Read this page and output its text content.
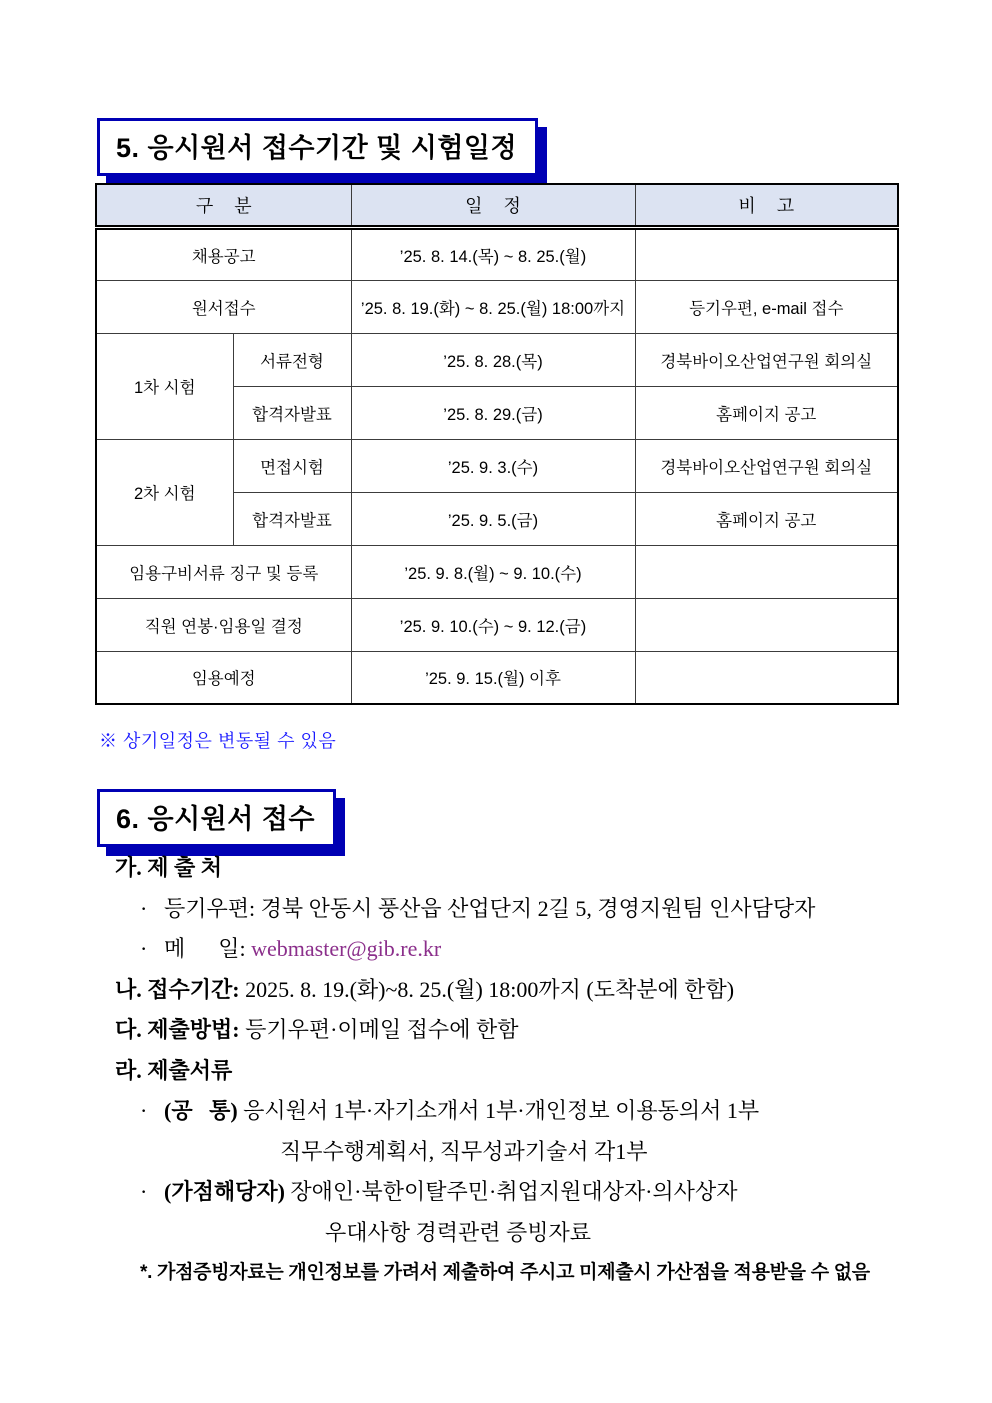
5. 응시원서 접수기간 및 시험일정
구 분		일 정	비 고
채용공고		’25. 8. 14.(목) ~ 8. 25.(월)	
원서접수		’25. 8. 19.(화) ~ 8. 25.(월) 18:00까지	등기우편, e-mail 접수
1차 시험	서류전형	’25. 8. 28.(목)	경북바이오산업연구원 회의실
	합격자발표	’25. 8. 29.(금)	홈페이지 공고
2차 시험	면접시험	’25. 9. 3.(수)	경북바이오산업연구원 회의실
	합격자발표	’25. 9. 5.(금)	홈페이지 공고
임용구비서류 징구 및 등록		’25. 9. 8.(월) ~ 9. 10.(수)	
직원 연봉·임용일 결정		’25. 9. 10.(수) ~ 9. 12.(금)	
임용예정		’25. 9. 15.(월) 이후	
※ 상기일정은 변동될 수 있음
6. 응시원서 접수
가. 제 출 처
· 등기우편: 경북 안동시 풍산읍 산업단지 2길 5, 경영지원팀 인사담당자
· 메      일: webmaster@gib.re.kr
나. 접수기간: 2025. 8. 19.(화)~8. 25.(월) 18:00까지 (도착분에 한함)
다. 제출방법: 등기우편·이메일 접수에 한함
라. 제출서류
· (공   통) 응시원서 1부·자기소개서 1부·개인정보 이용동의서 1부
직무수행계획서, 직무성과기술서 각1부
· (가점해당자) 장애인·북한이탈주민·취업지원대상자·의사상자
우대사항 경력관련 증빙자료
*. 가점증빙자료는 개인정보를 가려서 제출하여 주시고 미제출시 가산점을 적용받을 수 없음
